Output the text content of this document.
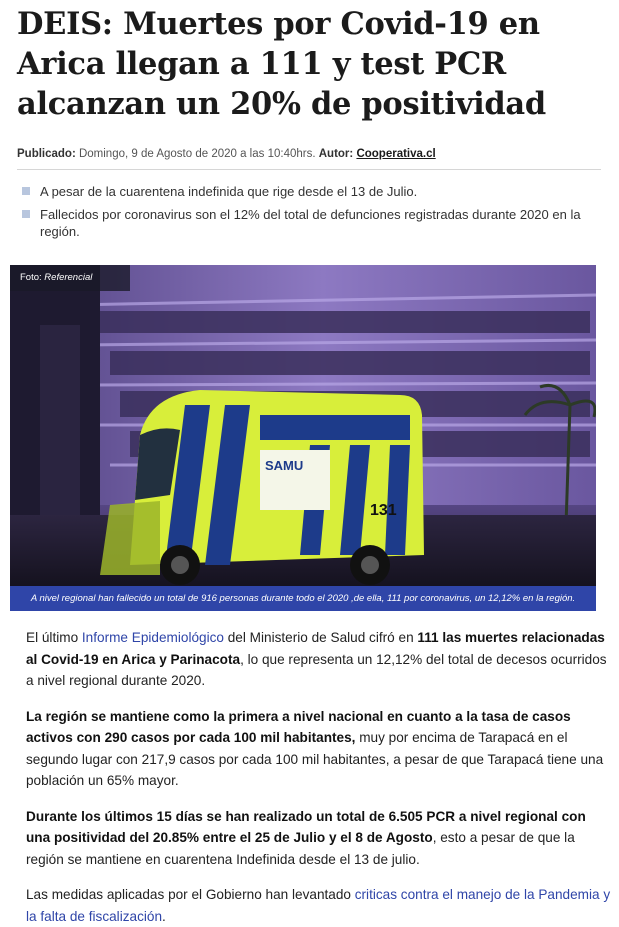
DEIS: Muertes por Covid-19 en Arica llegan a 111 y test PCR alcanzan un 20% de positividad
Publicado: Domingo, 9 de Agosto de 2020 a las 10:40hrs. Autor: Cooperativa.cl
A pesar de la cuarentena indefinida que rige desde el 13 de Julio.
Fallecidos por coronavirus son el 12% del total de defunciones registradas durante 2020 en la región.
SAMU
131
Foto: Referencial
A nivel regional han fallecido un total de 916 personas durante todo el 2020 ,de ella, 111 por coronavirus, un 12,12% en la región.

El último Informe Epidemiológico del Ministerio de Salud cifró en 111 las muertes relacionadas al Covid-19 en Arica y Parinacota, lo que representa un 12,12% del total de decesos ocurridos a nivel regional durante 2020.

La región se mantiene como la primera a nivel nacional en cuanto a la tasa de casos activos con 290 casos por cada 100 mil habitantes, muy por encima de Tarapacá en el segundo lugar con 217,9 casos por cada 100 mil habitantes, a pesar de que Tarapacá tiene una población un 65% mayor.

Durante los últimos 15 días se han realizado un total de 6.505 PCR a nivel regional con una positividad del 20.85% entre el 25 de Julio y el 8 de Agosto, esto a pesar de que la región se mantiene en cuarentena Indefinida desde el 13 de julio.

Las medidas aplicadas por el Gobierno han levantado criticas contra el manejo de la Pandemia y la falta de fiscalización.
